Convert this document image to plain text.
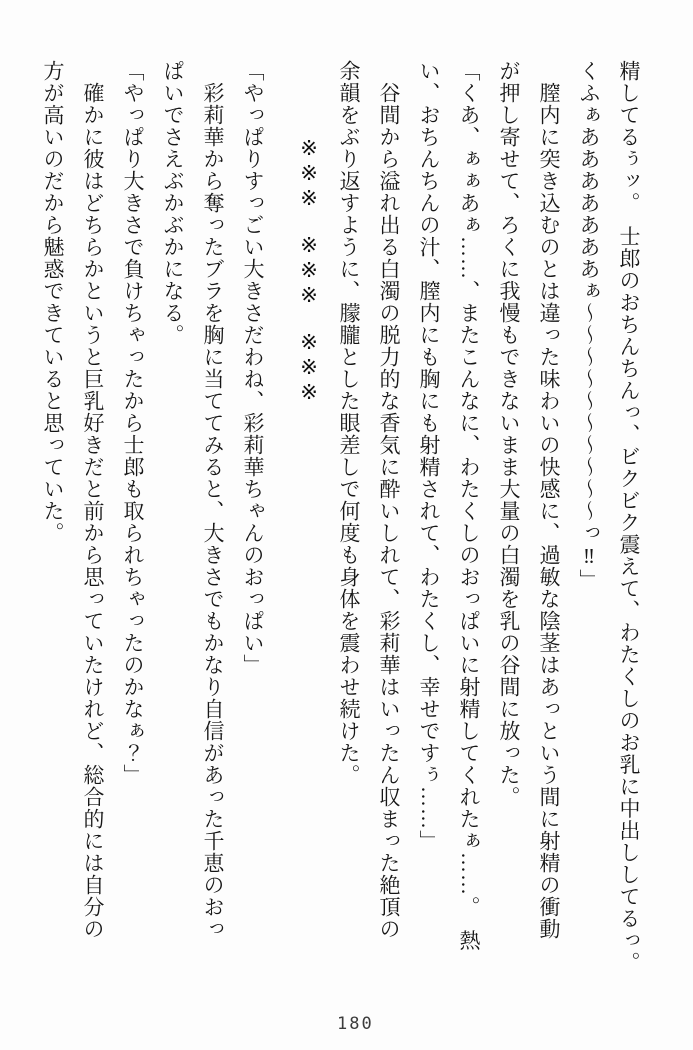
精してるぅッ。　士郎のおちんちんっ、ビクビク震えて、わたくしのお乳に中出ししてるっ。

くふぁあああああああぁ〜〜〜〜〜〜〜〜〜〜っ‼」

　膣内に突き込むのとは違った味わいの快感に、過敏な陰茎はあっという間に射精の衝動

が押し寄せて、ろくに我慢もできないまま大量の白濁を乳の谷間に放った。

「くあ、ぁぁあぁ……、またこんなに、わたくしのおっぱいに射精してくれたぁ……。　熱

い、おちんちんの汁、膣内にも胸にも射精されて、わたくし、幸せですぅ……」

　谷間から溢れ出る白濁の脱力的な香気に酔いしれて、彩莉華はいったん収まった絶頂の

余韻をぶり返すように、朦朧とした眼差しで何度も身体を震わせ続けた。

※※※　※※※　※※※

「やっぱりすっごい大きさだわね、彩莉華ちゃんのおっぱい」

　彩莉華から奪ったブラを胸に当ててみると、大きさでもかなり自信があった千恵のおっ

ぱいでさえぶかぶかになる。

「やっぱり大きさで負けちゃったから士郎も取られちゃったのかなぁ？」

　確かに彼はどちらかというと巨乳好きだと前から思っていたけれど、総合的には自分の

方が高いのだから魅惑できていると思っていた。

180
